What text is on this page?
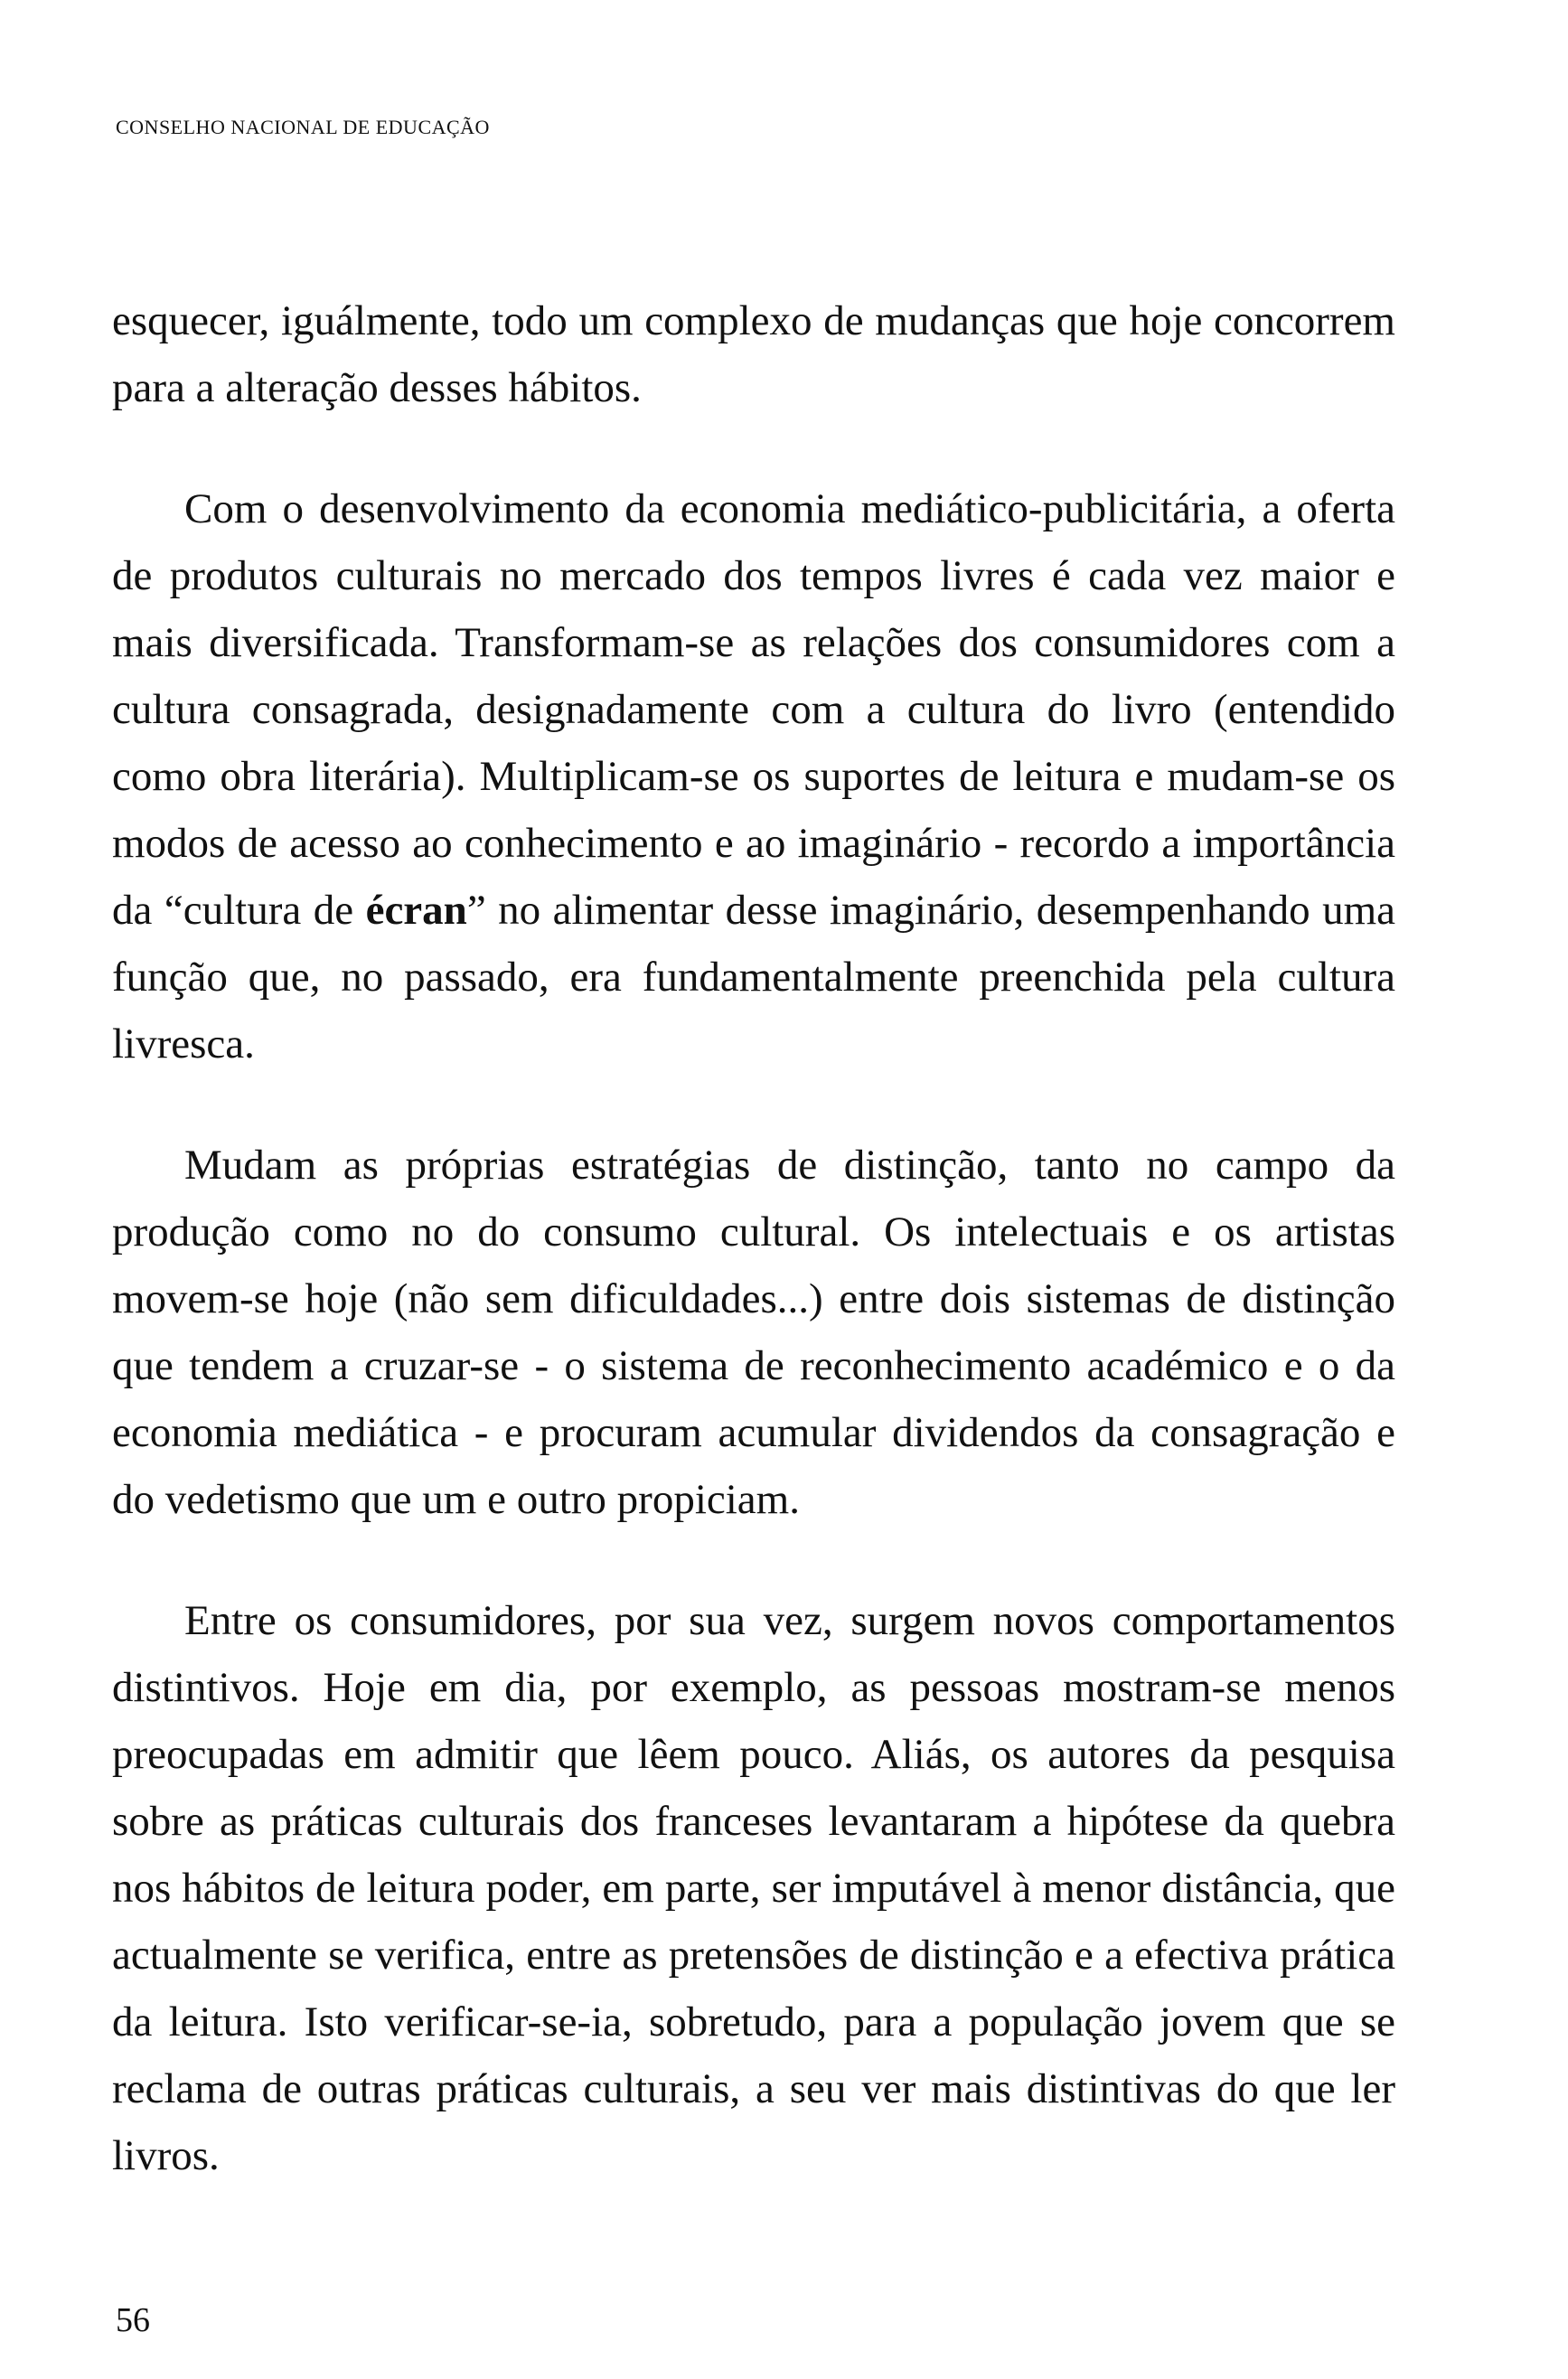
CONSELHO NACIONAL DE EDUCAÇÃO

esquecer, iguálmente, todo um complexo de mudanças que hoje concorrem para a alteração desses hábitos.

Com o desenvolvimento da economia mediático-publicitária, a oferta de produtos culturais no mercado dos tempos livres é cada vez maior e mais diversificada. Transformam-se as relações dos consumidores com a cultura consagrada, designadamente com a cultura do livro (entendido como obra literária). Multiplicam-se os suportes de leitura e mudam-se os modos de acesso ao conhecimento e ao imaginário - recordo a importância da “cultura de écran” no alimentar desse imaginário, desempenhando uma função que, no passado, era fundamentalmente preenchida pela cultura livresca.

Mudam as próprias estratégias de distinção, tanto no campo da produção como no do consumo cultural. Os intelectuais e os artistas movem-se hoje (não sem dificuldades...) entre dois sistemas de distinção que tendem a cruzar-se - o sistema de reconhecimento académico e o da economia mediática - e procuram acumular dividendos da consagração e do vedetismo que um e outro propiciam.

Entre os consumidores, por sua vez, surgem novos comportamentos distintivos. Hoje em dia, por exemplo, as pessoas mostram-se menos preocupadas em admitir que lêem pouco. Aliás, os autores da pesquisa sobre as práticas culturais dos franceses levantaram a hipótese da quebra nos hábitos de leitura poder, em parte, ser imputável à menor distância, que actualmente se verifica, entre as pretensões de distinção e a efectiva prática da leitura. Isto verificar-se-ia, sobretudo, para a população jovem que se reclama de outras práticas culturais, a seu ver mais distintivas do que ler livros.

56
